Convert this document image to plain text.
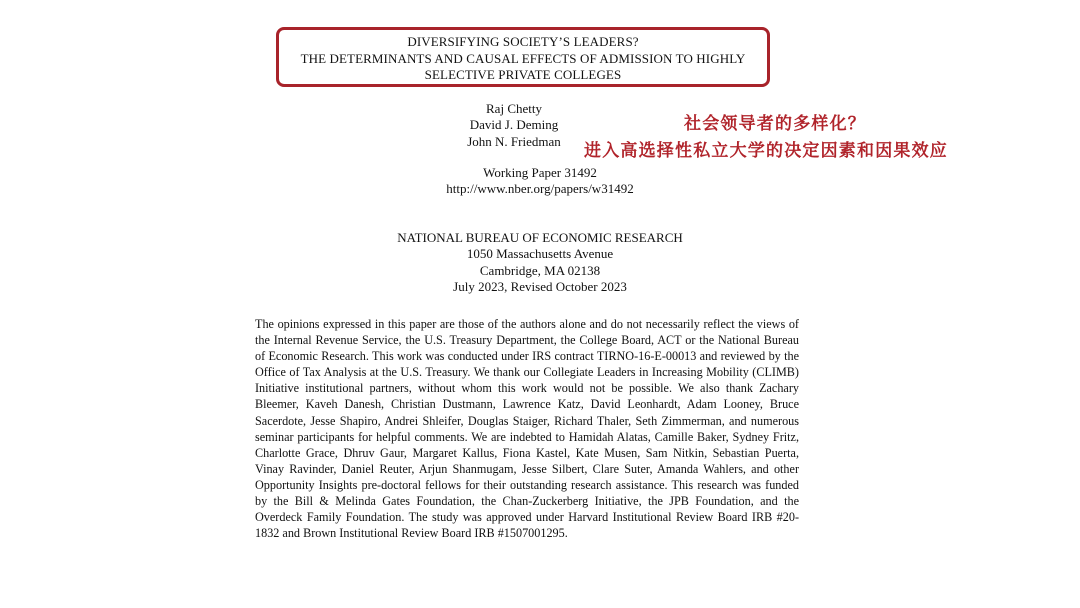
DIVERSIFYING SOCIETY’S LEADERS?
THE DETERMINANTS AND CAUSAL EFFECTS OF ADMISSION TO HIGHLY
SELECTIVE PRIVATE COLLEGES
Raj Chetty
David J. Deming
John N. Friedman
社会领导者的多样化？
进入高选择性私立大学的决定因素和因果效应
Working Paper 31492
http://www.nber.org/papers/w31492
NATIONAL BUREAU OF ECONOMIC RESEARCH
1050 Massachusetts Avenue
Cambridge, MA 02138
July 2023, Revised October 2023

The opinions expressed in this paper are those of the authors alone and do not necessarily reflect the views of the Internal Revenue Service, the U.S. Treasury Department, the College Board, ACT or the National Bureau of Economic Research. This work was conducted under IRS contract TIRNO-16-E-00013 and reviewed by the Office of Tax Analysis at the U.S. Treasury. We thank our Collegiate Leaders in Increasing Mobility (CLIMB) Initiative institutional partners, without whom this work would not be possible. We also thank Zachary Bleemer, Kaveh Danesh, Christian Dustmann, Lawrence Katz, David Leonhardt, Adam Looney, Bruce Sacerdote, Jesse Shapiro, Andrei Shleifer, Douglas Staiger, Richard Thaler, Seth Zimmerman, and numerous seminar participants for helpful comments. We are indebted to Hamidah Alatas, Camille Baker, Sydney Fritz, Charlotte Grace, Dhruv Gaur, Margaret Kallus, Fiona Kastel, Kate Musen, Sam Nitkin, Sebastian Puerta, Vinay Ravinder, Daniel Reuter, Arjun Shanmugam, Jesse Silbert, Clare Suter, Amanda Wahlers, and other Opportunity Insights pre-doctoral fellows for their outstanding research assistance. This research was funded by the Bill & Melinda Gates Foundation, the Chan-Zuckerberg Initiative, the JPB Foundation, and the Overdeck Family Foundation. The study was approved under Harvard Institutional Review Board IRB #20-1832 and Brown Institutional Review Board IRB #1507001295.
